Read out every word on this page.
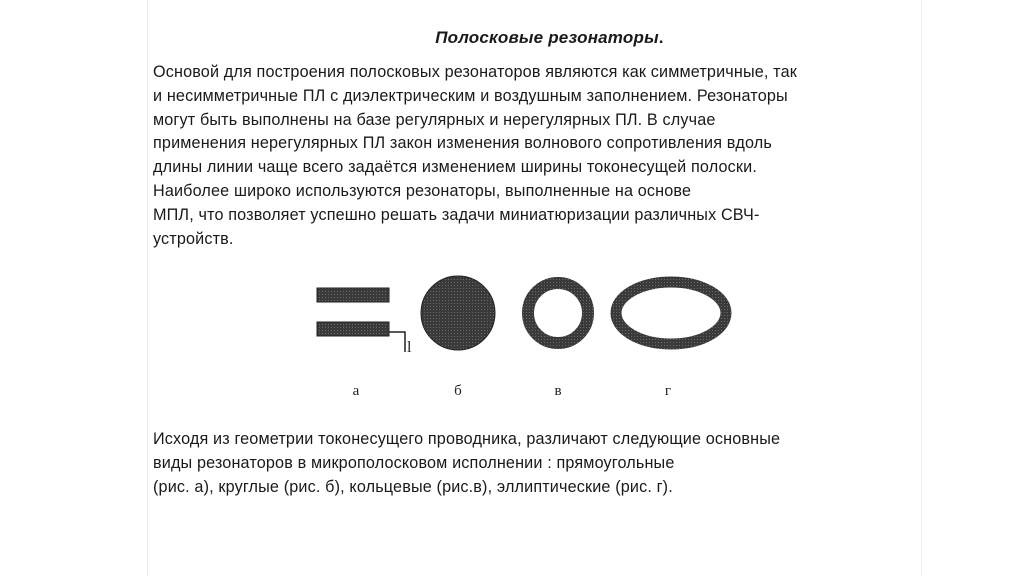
Полосковые резонаторы.
Основой для построения полосковых резонаторов являются как симметричные, так
и несимметричные ПЛ с диэлектрическим и воздушным заполнением. Резонаторы
могут быть выполнены на базе регулярных и нерегулярных ПЛ. В случае
применения нерегулярных ПЛ закон изменения волнового сопротивления вдоль
длины линии чаще всего задаётся изменением ширины токонесущей полоски.
Наиболее широко используются резонаторы, выполненные на основе
МПЛ, что позволяет успешно решать задачи миниатюризации различных СВЧ-
устройств.
l
а	б	в	г
Исходя из геометрии токонесущего проводника, различают следующие основные
виды резонаторов в микрополосковом исполнении : прямоугольные
(рис. а), круглые (рис. б), кольцевые (рис.в), эллиптические (рис. г).
